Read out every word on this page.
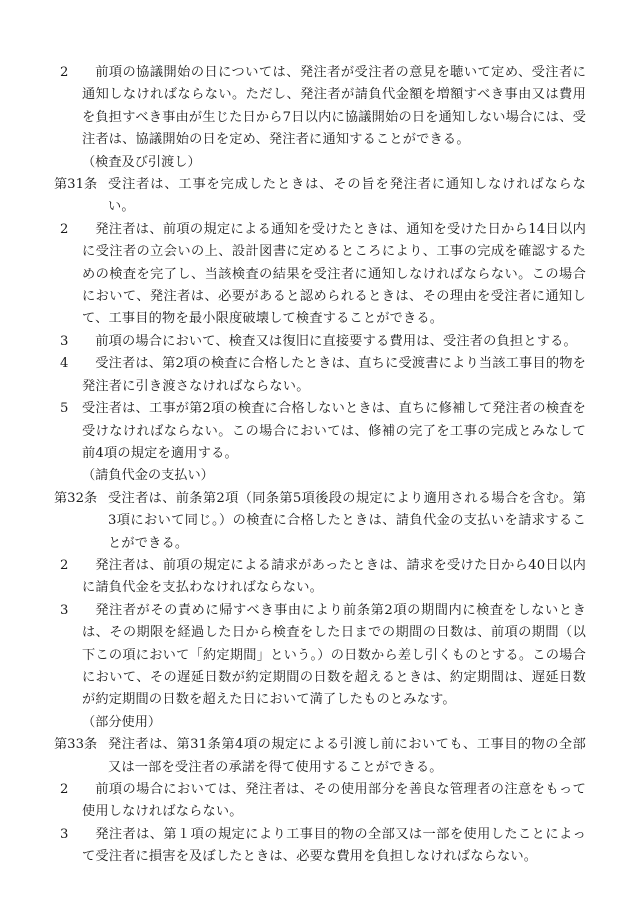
2	前項の協議開始の日については、発注者が受注者の意見を聴いて定め、受注者に通知しなければならない。ただし、発注者が請負代金額を増額すべき事由又は費用を負担すべき事由が生じた日から7日以内に協議開始の日を通知しない場合には、受注者は、協議開始の日を定め、発注者に通知することができる。
（検査及び引渡し）
第31条 受注者は、工事を完成したときは、その旨を発注者に通知しなければならない。
2	発注者は、前項の規定による通知を受けたときは、通知を受けた日から14日以内に受注者の立会いの上、設計図書に定めるところにより、工事の完成を確認するための検査を完了し、当該検査の結果を受注者に通知しなければならない。この場合において、発注者は、必要があると認められるときは、その理由を受注者に通知して、工事目的物を最小限度破壊して検査することができる。
3	前項の場合において、検査又は復旧に直接要する費用は、受注者の負担とする。
4	受注者は、第2項の検査に合格したときは、直ちに受渡書により当該工事目的物を発注者に引き渡さなければならない。
5	受注者は、工事が第2項の検査に合格しないときは、直ちに修補して発注者の検査を受けなければならない。この場合においては、修補の完了を工事の完成とみなして前4項の規定を適用する。
（請負代金の支払い）
第32条 受注者は、前条第2項（同条第5項後段の規定により適用される場合を含む。第3項において同じ。）の検査に合格したときは、請負代金の支払いを請求することができる。
2	発注者は、前項の規定による請求があったときは、請求を受けた日から40日以内に請負代金を支払わなければならない。
3	発注者がその責めに帰すべき事由により前条第2項の期間内に検査をしないときは、その期限を経過した日から検査をした日までの期間の日数は、前項の期間（以下この項において「約定期間」という。）の日数から差し引くものとする。この場合において、その遅延日数が約定期間の日数を超えるときは、約定期間は、遅延日数が約定期間の日数を超えた日において満了したものとみなす。
（部分使用）
第33条 発注者は、第31条第4項の規定による引渡し前においても、工事目的物の全部又は一部を受注者の承諾を得て使用することができる。
2	前項の場合においては、発注者は、その使用部分を善良な管理者の注意をもって使用しなければならない。
3	発注者は、第１項の規定により工事目的物の全部又は一部を使用したことによって受注者に損害を及ぼしたときは、必要な費用を負担しなければならない。
